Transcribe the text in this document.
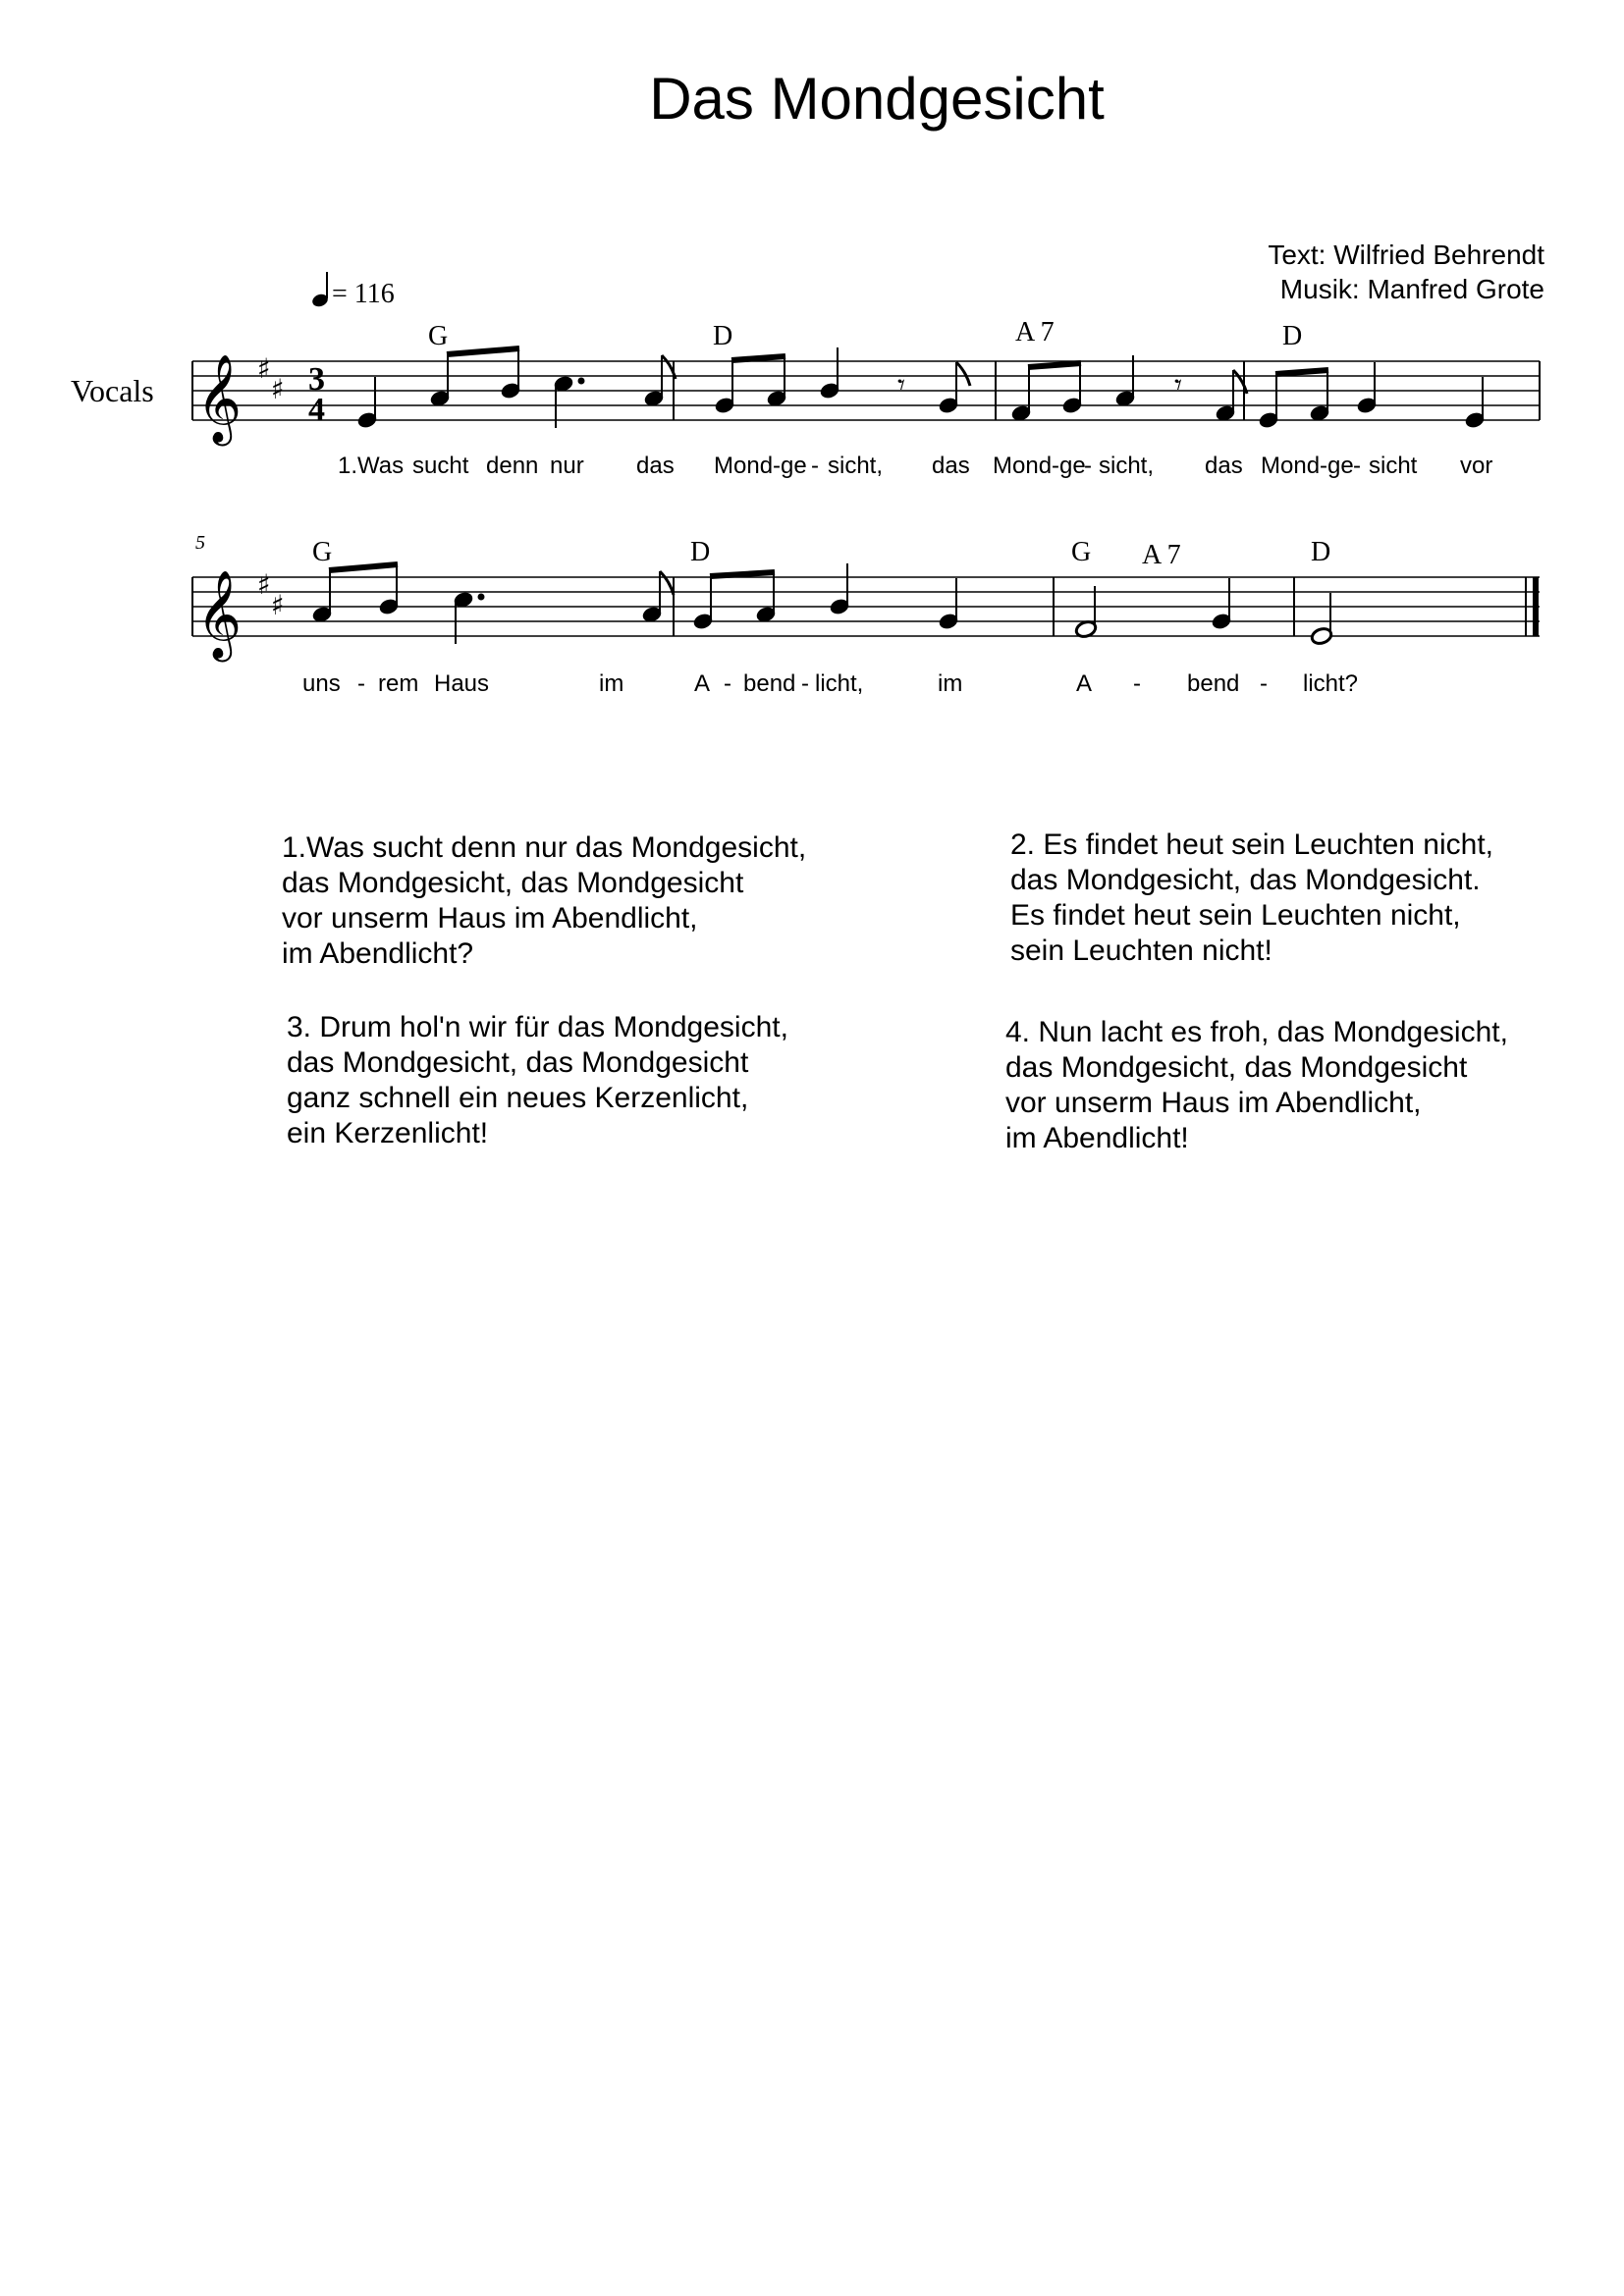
Das Mondgesicht
Text: Wilfried Behrendt
Musik: Manfred Grote
= 116
Vocals
5
G	D	A 7	D
G	D	G A 7	D
1.Was sucht denn nur das Mond-ge - sicht, das Mond-ge
- sicht, das Mond-ge - sicht vor
uns - rem Haus	im	A - bend - licht,	im	A - bend - licht?
1.Was sucht denn nur das Mondgesicht,
das Mondgesicht, das Mondgesicht
vor unserm Haus im Abendlicht,
im Abendlicht?
2. Es findet heut sein Leuchten nicht,
das Mondgesicht, das Mondgesicht.
Es findet heut sein Leuchten nicht,
sein Leuchten nicht!
3. Drum hol'n wir für das Mondgesicht,
das Mondgesicht, das Mondgesicht
ganz schnell ein neues Kerzenlicht,
ein Kerzenlicht!
4. Nun lacht es froh, das Mondgesicht,
das Mondgesicht, das Mondgesicht
vor unserm Haus im Abendlicht,
im Abendlicht!
𝄞 ♯
♯ 3
4
𝄾	𝄾
𝄞 ♯
♯
